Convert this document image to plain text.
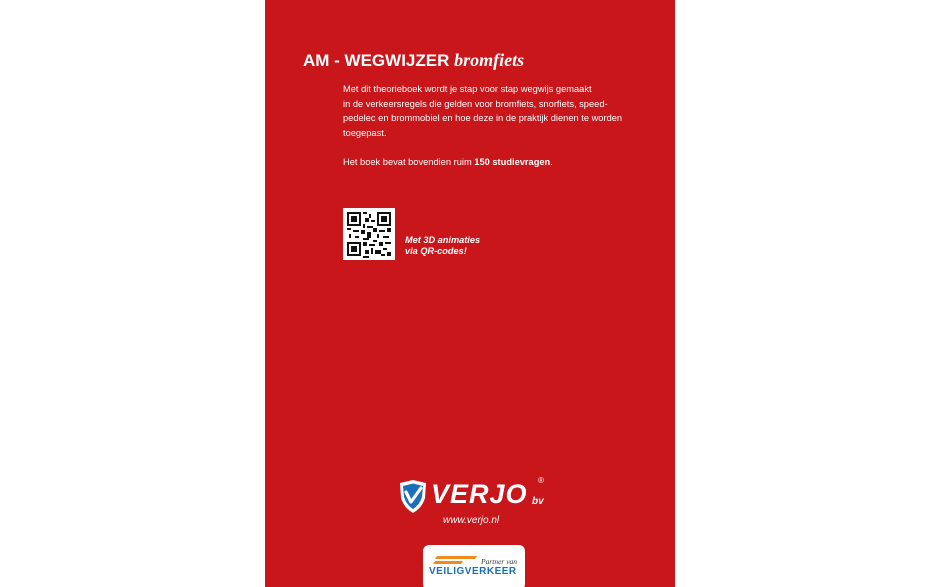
AM - WEGWIJZER bromfiets

Met dit theorieboek wordt je stap voor stap wegwijs gemaakt
in de verkeersregels die gelden voor bromfiets, snorfiets, speed-
pedelec en brommobiel en hoe deze in de praktijk dienen te worden
toegepast.

Het boek bevat bovendien ruim 150 studievragen.

Met 3D animaties
via QR-codes!
VERJO bv
®
www.verjo.nl
Partner van
VEILIGVERKEER
